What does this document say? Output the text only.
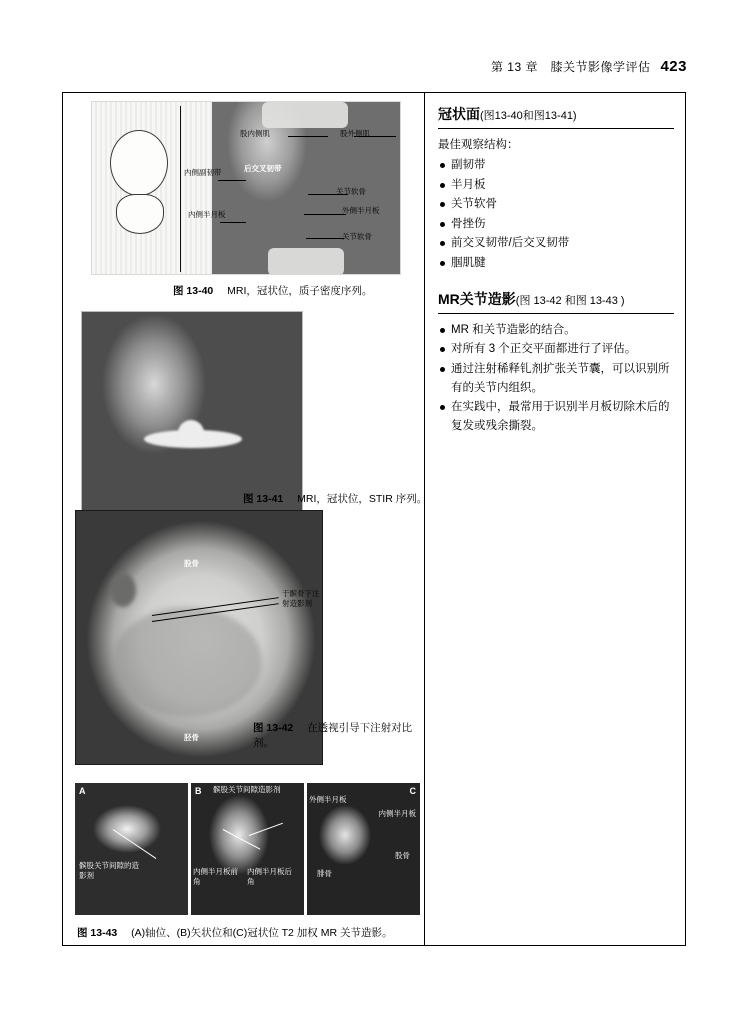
第 13 章　膝关节影像学评估 423
股内侧肌	股外侧肌
内侧副韧带	后交叉韧带
关节软骨
外侧半月板
关节软骨
内侧半月板
图 13-40 MRI，冠状位，质子密度序列。
图 13-41 MRI，冠状位，STIR 序列。
股骨
于髌骨下注射造影剂
胫骨
图 13-42 在透视引导下注射对比剂。
A
髌股关节间隙的造影剂
B 髌股关节间隙造影剂
内侧半月板前角
内侧半月板后角
C
外侧半月板
内侧半月板
股骨
腓骨
图 13-43 (A)轴位、(B)矢状位和(C)冠状位 T2 加权 MR 关节造影。
冠状面(图13-40和图13-41)

最佳观察结构：

副韧带
半月板
关节软骨
骨挫伤
前交叉韧带/后交叉韧带
腘肌腱
MR关节造影(图 13-42 和图 13-43 )
MR 和关节造影的结合。
对所有 3 个正交平面都进行了评估。
通过注射稀释钆剂扩张关节囊，可以识别所有的关节内组织。
在实践中，最常用于识别半月板切除术后的复发或残余撕裂。
